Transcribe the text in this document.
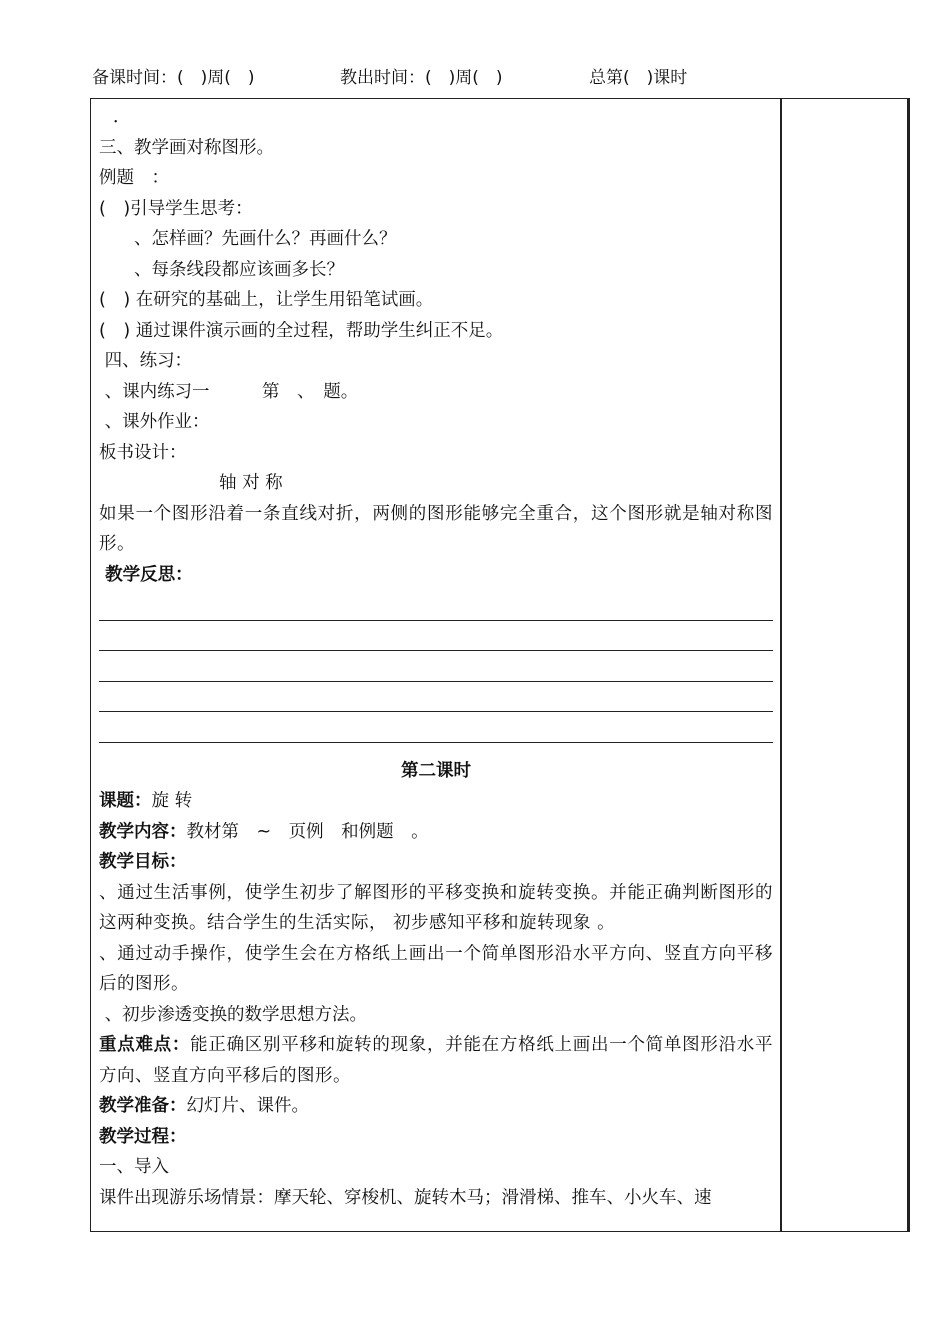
备课时间：(　)周(　)

	教出时间：(　)周(　)

	总第(　)课时

．
三、教学画对称图形。
例题　：
(　)引导学生思考：
　　、怎样画？先画什么？再画什么？
　　、每条线段都应该画多长？
(　) 在研究的基础上，让学生用铅笔试画。
(　) 通过课件演示画的全过程，帮助学生纠正不足。
四、练习：
、课内练习一　　　第　、　题。
、课外作业：
板书设计：
轴 对 称
如果一个图形沿着一条直线对折，两侧的图形能够完全重合，这个图形就是轴对称图形。
教学反思：
第二课时
课题：旋 转
教学内容：教材第　~　页例　和例题　。
教学目标：
、通过生活事例，使学生初步了解图形的平移变换和旋转变换。并能正确判断图形的这两种变换。结合学生的生活实际， 初步感知平移和旋转现象 。
、通过动手操作，使学生会在方格纸上画出一个简单图形沿水平方向、竖直方向平移后的图形。
、初步渗透变换的数学思想方法。
重点难点：能正确区别平移和旋转的现象，并能在方格纸上画出一个简单图形沿水平方向、竖直方向平移后的图形。
教学准备：幻灯片、课件。
教学过程：
一、导入
课件出现游乐场情景：摩天轮、穿梭机、旋转木马；滑滑梯、推车、小火车、速
